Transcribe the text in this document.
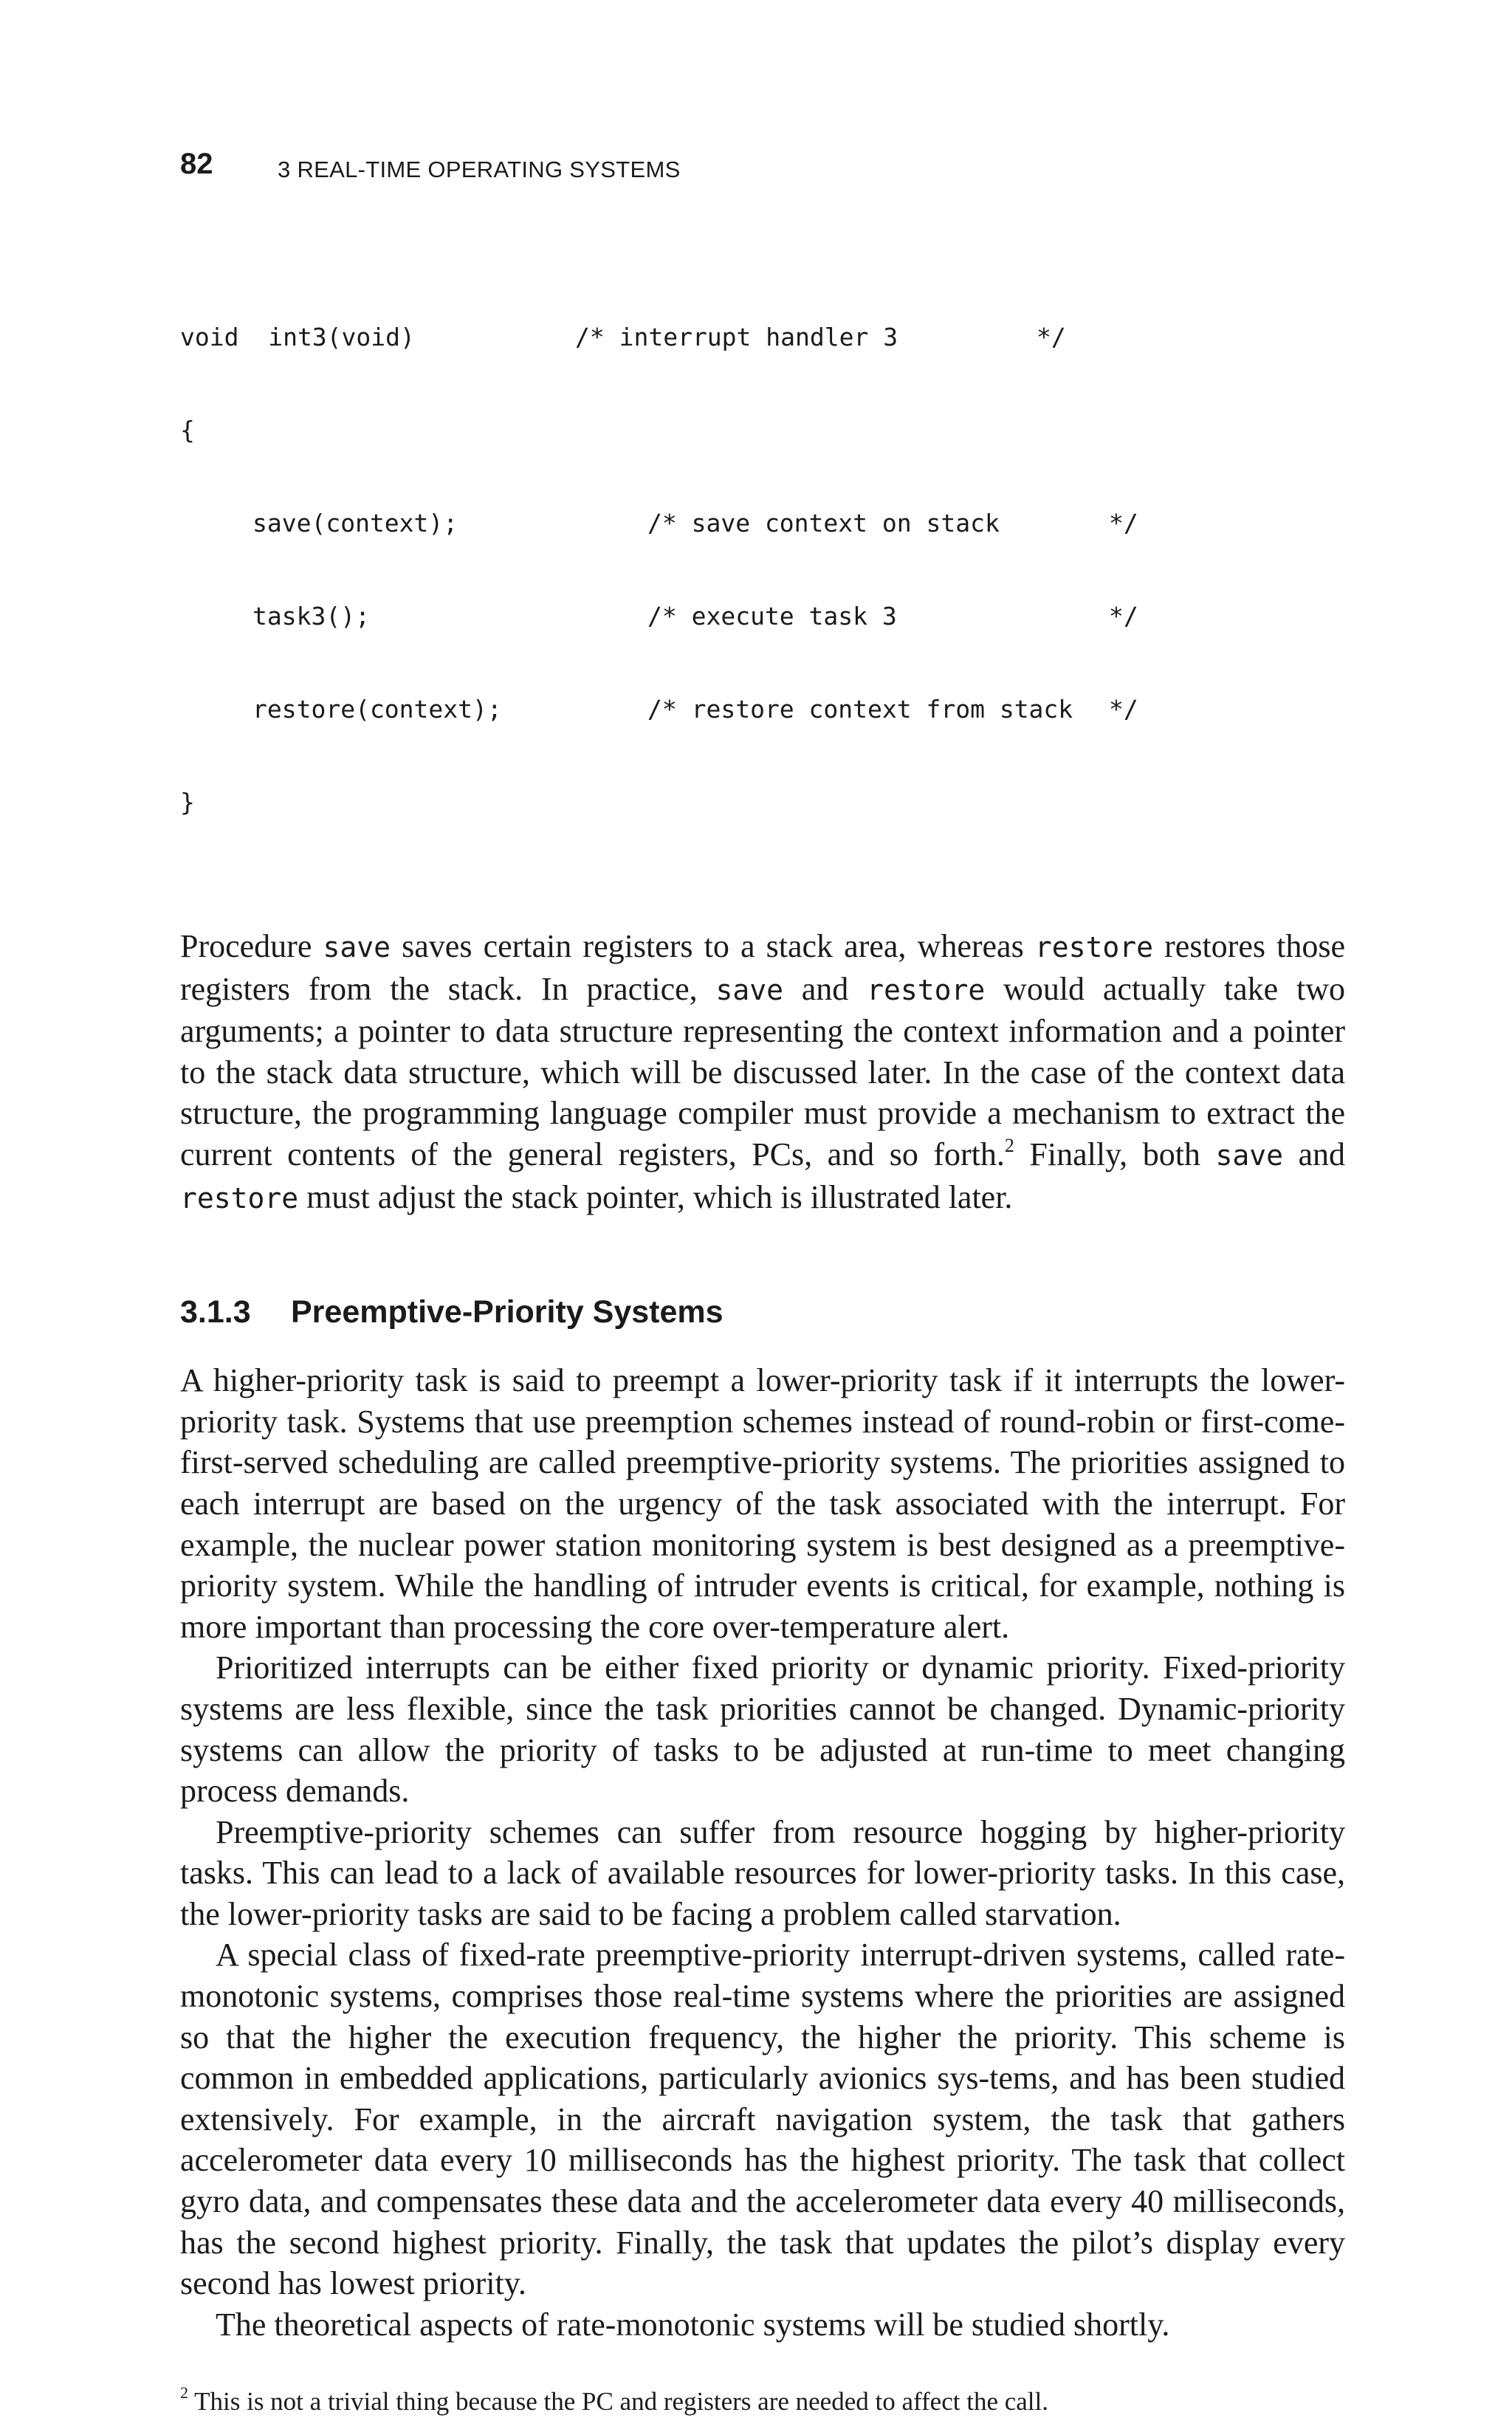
82	3 REAL-TIME OPERATING SYSTEMS

void  int3(void)	/* interrupt handler 3	*/

{

save(context);	/* save context on stack	*/

task3();	/* execute task 3	*/

restore(context);	/* restore context from stack	*/

}

Procedure save saves certain registers to a stack area, whereas restore restores those registers from the stack. In practice, save and restore would actually take two arguments; a pointer to data structure representing the context information and a pointer to the stack data structure, which will be discussed later. In the case of the context data structure, the programming language compiler must provide a mechanism to extract the current contents of the general registers, PCs, and so forth.$^2$ Finally, both save and restore must adjust the stack pointer, which is illustrated later.

3.1.3 Preemptive-Priority Systems

A higher-priority task is said to preempt a lower-priority task if it interrupts the lower-priority task. Systems that use preemption schemes instead of round-robin or first-come-first-served scheduling are called preemptive-priority systems. The priorities assigned to each interrupt are based on the urgency of the task associated with the interrupt. For example, the nuclear power station monitoring system is best designed as a preemptive-priority system. While the handling of intruder events is critical, for example, nothing is more important than processing the core over-temperature alert.

Prioritized interrupts can be either fixed priority or dynamic priority. Fixed-priority systems are less flexible, since the task priorities cannot be changed. Dynamic-priority systems can allow the priority of tasks to be adjusted at run-time to meet changing process demands.

Preemptive-priority schemes can suffer from resource hogging by higher-priority tasks. This can lead to a lack of available resources for lower-priority tasks. In this case, the lower-priority tasks are said to be facing a problem called starvation.

A special class of fixed-rate preemptive-priority interrupt-driven systems, called rate-monotonic systems, comprises those real-time systems where the priorities are assigned so that the higher the execution frequency, the higher the priority. This scheme is common in embedded applications, particularly avionics sys-tems, and has been studied extensively. For example, in the aircraft navigation system, the task that gathers accelerometer data every 10 milliseconds has the highest priority. The task that collect gyro data, and compensates these data and the accelerometer data every 40 milliseconds, has the second highest priority. Finally, the task that updates the pilot’s display every second has lowest priority.

The theoretical aspects of rate-monotonic systems will be studied shortly.

$^2$ This is not a trivial thing because the PC and registers are needed to affect the call.
